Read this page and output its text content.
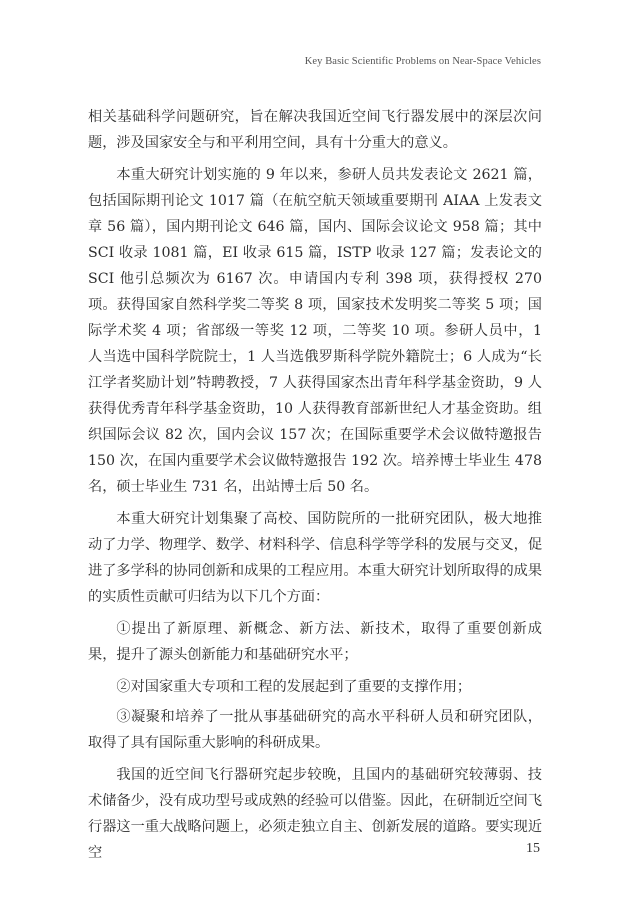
Key Basic Scientific Problems on Near-Space Vehicles

相关基础科学问题研究，旨在解决我国近空间飞行器发展中的深层次问题，涉及国家安全与和平利用空间，具有十分重大的意义。

本重大研究计划实施的 9 年以来，参研人员共发表论文 2621 篇，包括国际期刊论文 1017 篇（在航空航天领域重要期刊 AIAA 上发表文章 56 篇），国内期刊论文 646 篇，国内、国际会议论文 958 篇；其中 SCI 收录 1081 篇，EI 收录 615 篇，ISTP 收录 127 篇；发表论文的 SCI 他引总频次为 6167 次。申请国内专利 398 项，获得授权 270 项。获得国家自然科学奖二等奖 8 项，国家技术发明奖二等奖 5 项；国际学术奖 4 项；省部级一等奖 12 项，二等奖 10 项。参研人员中，1 人当选中国科学院院士，1 人当选俄罗斯科学院外籍院士；6 人成为“长江学者奖励计划”特聘教授，7 人获得国家杰出青年科学基金资助，9 人获得优秀青年科学基金资助，10 人获得教育部新世纪人才基金资助。组织国际会议 82 次，国内会议 157 次；在国际重要学术会议做特邀报告 150 次，在国内重要学术会议做特邀报告 192 次。培养博士毕业生 478 名，硕士毕业生 731 名，出站博士后 50 名。

本重大研究计划集聚了高校、国防院所的一批研究团队，极大地推动了力学、物理学、数学、材料科学、信息科学等学科的发展与交叉，促进了多学科的协同创新和成果的工程应用。本重大研究计划所取得的成果的实质性贡献可归结为以下几个方面：

①提出了新原理、新概念、新方法、新技术，取得了重要创新成果，提升了源头创新能力和基础研究水平；

②对国家重大专项和工程的发展起到了重要的支撑作用；

③凝聚和培养了一批从事基础研究的高水平科研人员和研究团队，取得了具有国际重大影响的科研成果。

我国的近空间飞行器研究起步较晚，且国内的基础研究较薄弱、技术储备少，没有成功型号或成熟的经验可以借鉴。因此，在研制近空间飞行器这一重大战略问题上，必须走独立自主、创新发展的道路。要实现近空	15
